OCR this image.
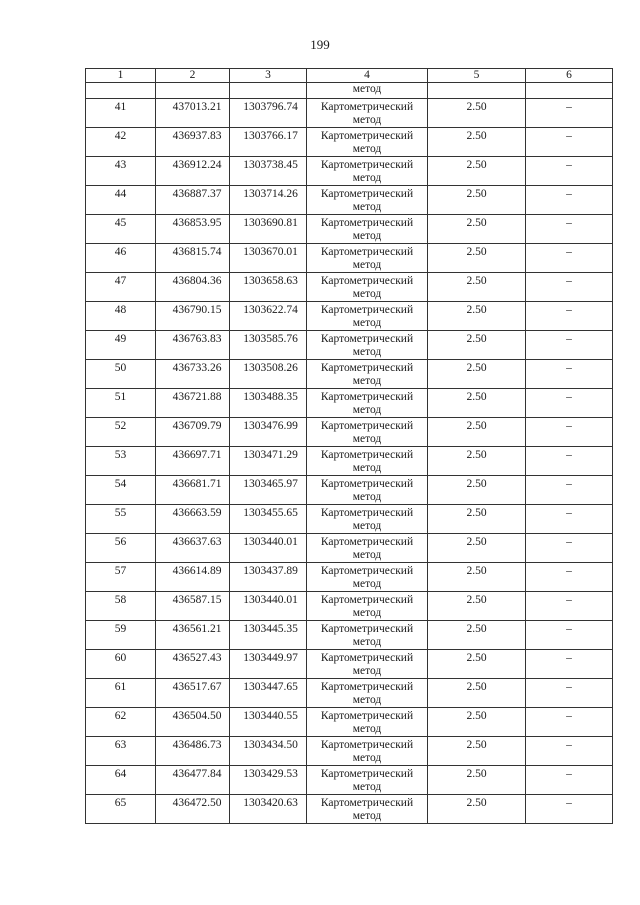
199
1	2	3	4	5	6
			метод		
41	437013.21	1303796.74	Картометрический метод	2.50	–
42	436937.83	1303766.17	Картометрический метод	2.50	–
43	436912.24	1303738.45	Картометрический метод	2.50	–
44	436887.37	1303714.26	Картометрический метод	2.50	–
45	436853.95	1303690.81	Картометрический метод	2.50	–
46	436815.74	1303670.01	Картометрический метод	2.50	–
47	436804.36	1303658.63	Картометрический метод	2.50	–
48	436790.15	1303622.74	Картометрический метод	2.50	–
49	436763.83	1303585.76	Картометрический метод	2.50	–
50	436733.26	1303508.26	Картометрический метод	2.50	–
51	436721.88	1303488.35	Картометрический метод	2.50	–
52	436709.79	1303476.99	Картометрический метод	2.50	–
53	436697.71	1303471.29	Картометрический метод	2.50	–
54	436681.71	1303465.97	Картометрический метод	2.50	–
55	436663.59	1303455.65	Картометрический метод	2.50	–
56	436637.63	1303440.01	Картометрический метод	2.50	–
57	436614.89	1303437.89	Картометрический метод	2.50	–
58	436587.15	1303440.01	Картометрический метод	2.50	–
59	436561.21	1303445.35	Картометрический метод	2.50	–
60	436527.43	1303449.97	Картометрический метод	2.50	–
61	436517.67	1303447.65	Картометрический метод	2.50	–
62	436504.50	1303440.55	Картометрический метод	2.50	–
63	436486.73	1303434.50	Картометрический метод	2.50	–
64	436477.84	1303429.53	Картометрический метод	2.50	–
65	436472.50	1303420.63	Картометрический метод	2.50	–
